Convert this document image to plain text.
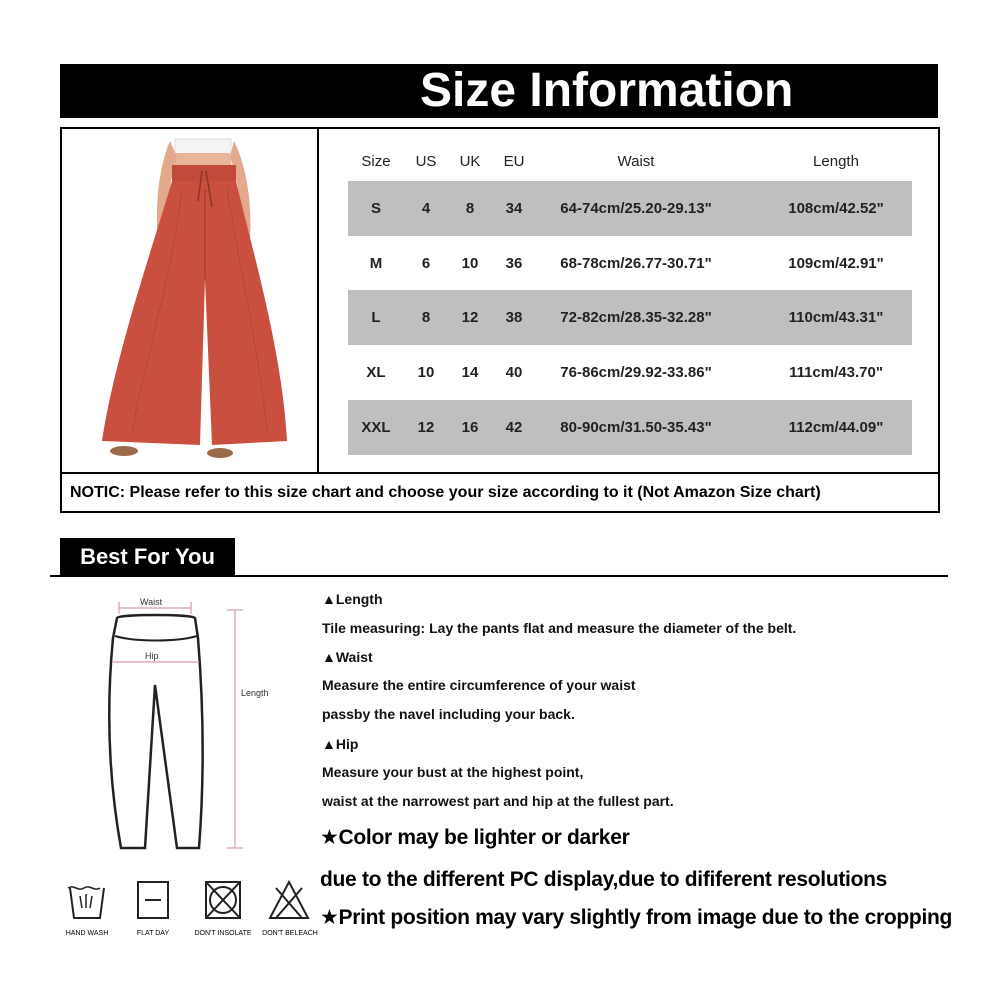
Size Information
Size	US	UK	EU	Waist	Length
S	4	8	34	64-74cm/25.20-29.13"	108cm/42.52"
M	6	10	36	68-78cm/26.77-30.71"	109cm/42.91"
L	8	12	38	72-82cm/28.35-32.28"	110cm/43.31"
XL	10	14	40	76-86cm/29.92-33.86"	111cm/43.70"
XXL	12	16	42	80-90cm/31.50-35.43"	112cm/44.09"
NOTIC: Please refer to this size chart and choose your size according to it (Not Amazon Size chart)
Best For You
Waist
Hip
Length
▲Length
Tile measuring: Lay the pants flat and measure the diameter of the belt.
▲Waist
Measure the entire circumference of your waist
passby the navel including your back.
▲Hip
Measure your bust at the highest point,
waist at the narrowest part and hip at the fullest part.
★Color may be lighter or darker
due to the different PC display,due to dififerent resolutions
★Print position may vary slightly from image due to the cropping
HAND WASH	FLAT DAY	DON'T INSOLATE	DON'T BELEACH
